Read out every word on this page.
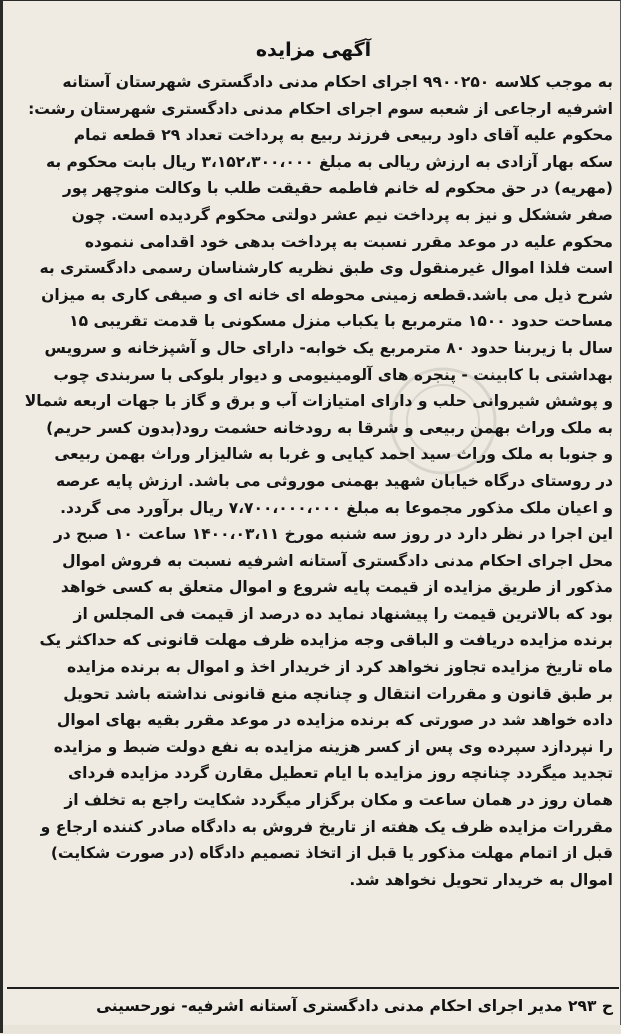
آگهی مزایده
به موجب کلاسه ۹۹۰۰۲۵۰ اجرای احکام مدنی دادگستری شهرستان آستانه
اشرفیه ارجاعی از شعبه سوم اجرای احکام مدنی دادگستری شهرستان رشت:
محکوم علیه آقای داود ربیعی فرزند ربیع به پرداخت تعداد ۲۹ قطعه تمام
سکه بهار آزادی به ارزش ریالی به مبلغ ۳،۱۵۲،۳۰۰،۰۰۰ ریال بابت محکوم به
(مهریه) در حق محکوم له خانم فاطمه حقیقت طلب با وکالت منوچهر پور
صفر ششکل و نیز به پرداخت نیم عشر دولتی محکوم گردیده است. چون
محکوم علیه در موعد مقرر نسبت به پرداخت بدهی خود اقدامی ننموده
است فلذا اموال غیرمنقول وی طبق نظریه کارشناسان رسمی دادگستری به
شرح ذیل می باشد.قطعه زمینی محوطه ای خانه ای و صیفی کاری به میزان
مساحت حدود ۱۵۰۰ مترمربع با یکباب منزل مسکونی با قدمت تقریبی ۱۵
سال با زیربنا حدود ۸۰ مترمربع یک خوابه- دارای حال و آشپزخانه و سرویس
بهداشتی با کابینت - پنجره های آلومینیومی و دیوار بلوکی با سربندی چوب
و پوشش شیروانی حلب و دارای امتیازات آب و برق و گاز با جهات اربعه شمالا
به ملک وراث بهمن ربیعی و شرقا به رودخانه حشمت رود(بدون کسر حریم)
و جنوبا به ملک وراث سید احمد کیایی و غربا به شالیزار وراث بهمن ربیعی
در روستای درگاه خیابان شهید بهمنی موروثی می باشد. ارزش پایه عرصه
و اعیان ملک مذکور مجموعا به مبلغ ۷،۷۰۰،۰۰۰،۰۰۰ ریال برآورد می گردد.
این اجرا در نظر دارد در روز سه شنبه مورخ ۱۴۰۰،۰۳،۱۱ ساعت ۱۰ صبح در
محل اجرای احکام مدنی دادگستری آستانه اشرفیه نسبت به فروش اموال
مذکور از طریق مزایده از قیمت پایه شروع و اموال متعلق به کسی خواهد
بود که بالاترین قیمت را پیشنهاد نماید ده درصد از قیمت فی المجلس از
برنده مزایده دریافت و الباقی وجه مزایده ظرف مهلت قانونی که حداکثر یک
ماه تاریخ مزایده تجاوز نخواهد کرد از خریدار اخذ و اموال به برنده مزایده
بر طبق قانون و مقررات انتقال و چنانچه منع قانونی نداشته باشد تحویل
داده خواهد شد در صورتی که برنده مزایده در موعد مقرر بقیه بهای اموال
را نپردازد سپرده وی پس از کسر هزینه مزایده به نفع دولت ضبط و مزایده
تجدید میگردد چنانچه روز مزایده با ایام تعطیل مقارن گردد مزایده فردای
همان روز در همان ساعت و مکان برگزار میگردد شکایت راجع به تخلف از
مقررات مزایده ظرف یک هفته از تاریخ فروش به دادگاه صادر کننده ارجاع و
قبل از اتمام مهلت مذکور یا قبل از اتخاذ تصمیم دادگاه (در صورت شکایت)
اموال به خریدار تحویل نخواهد شد.
ح ۲۹۳ مدیر اجرای احکام مدنی دادگستری آستانه اشرفیه- نورحسینی
